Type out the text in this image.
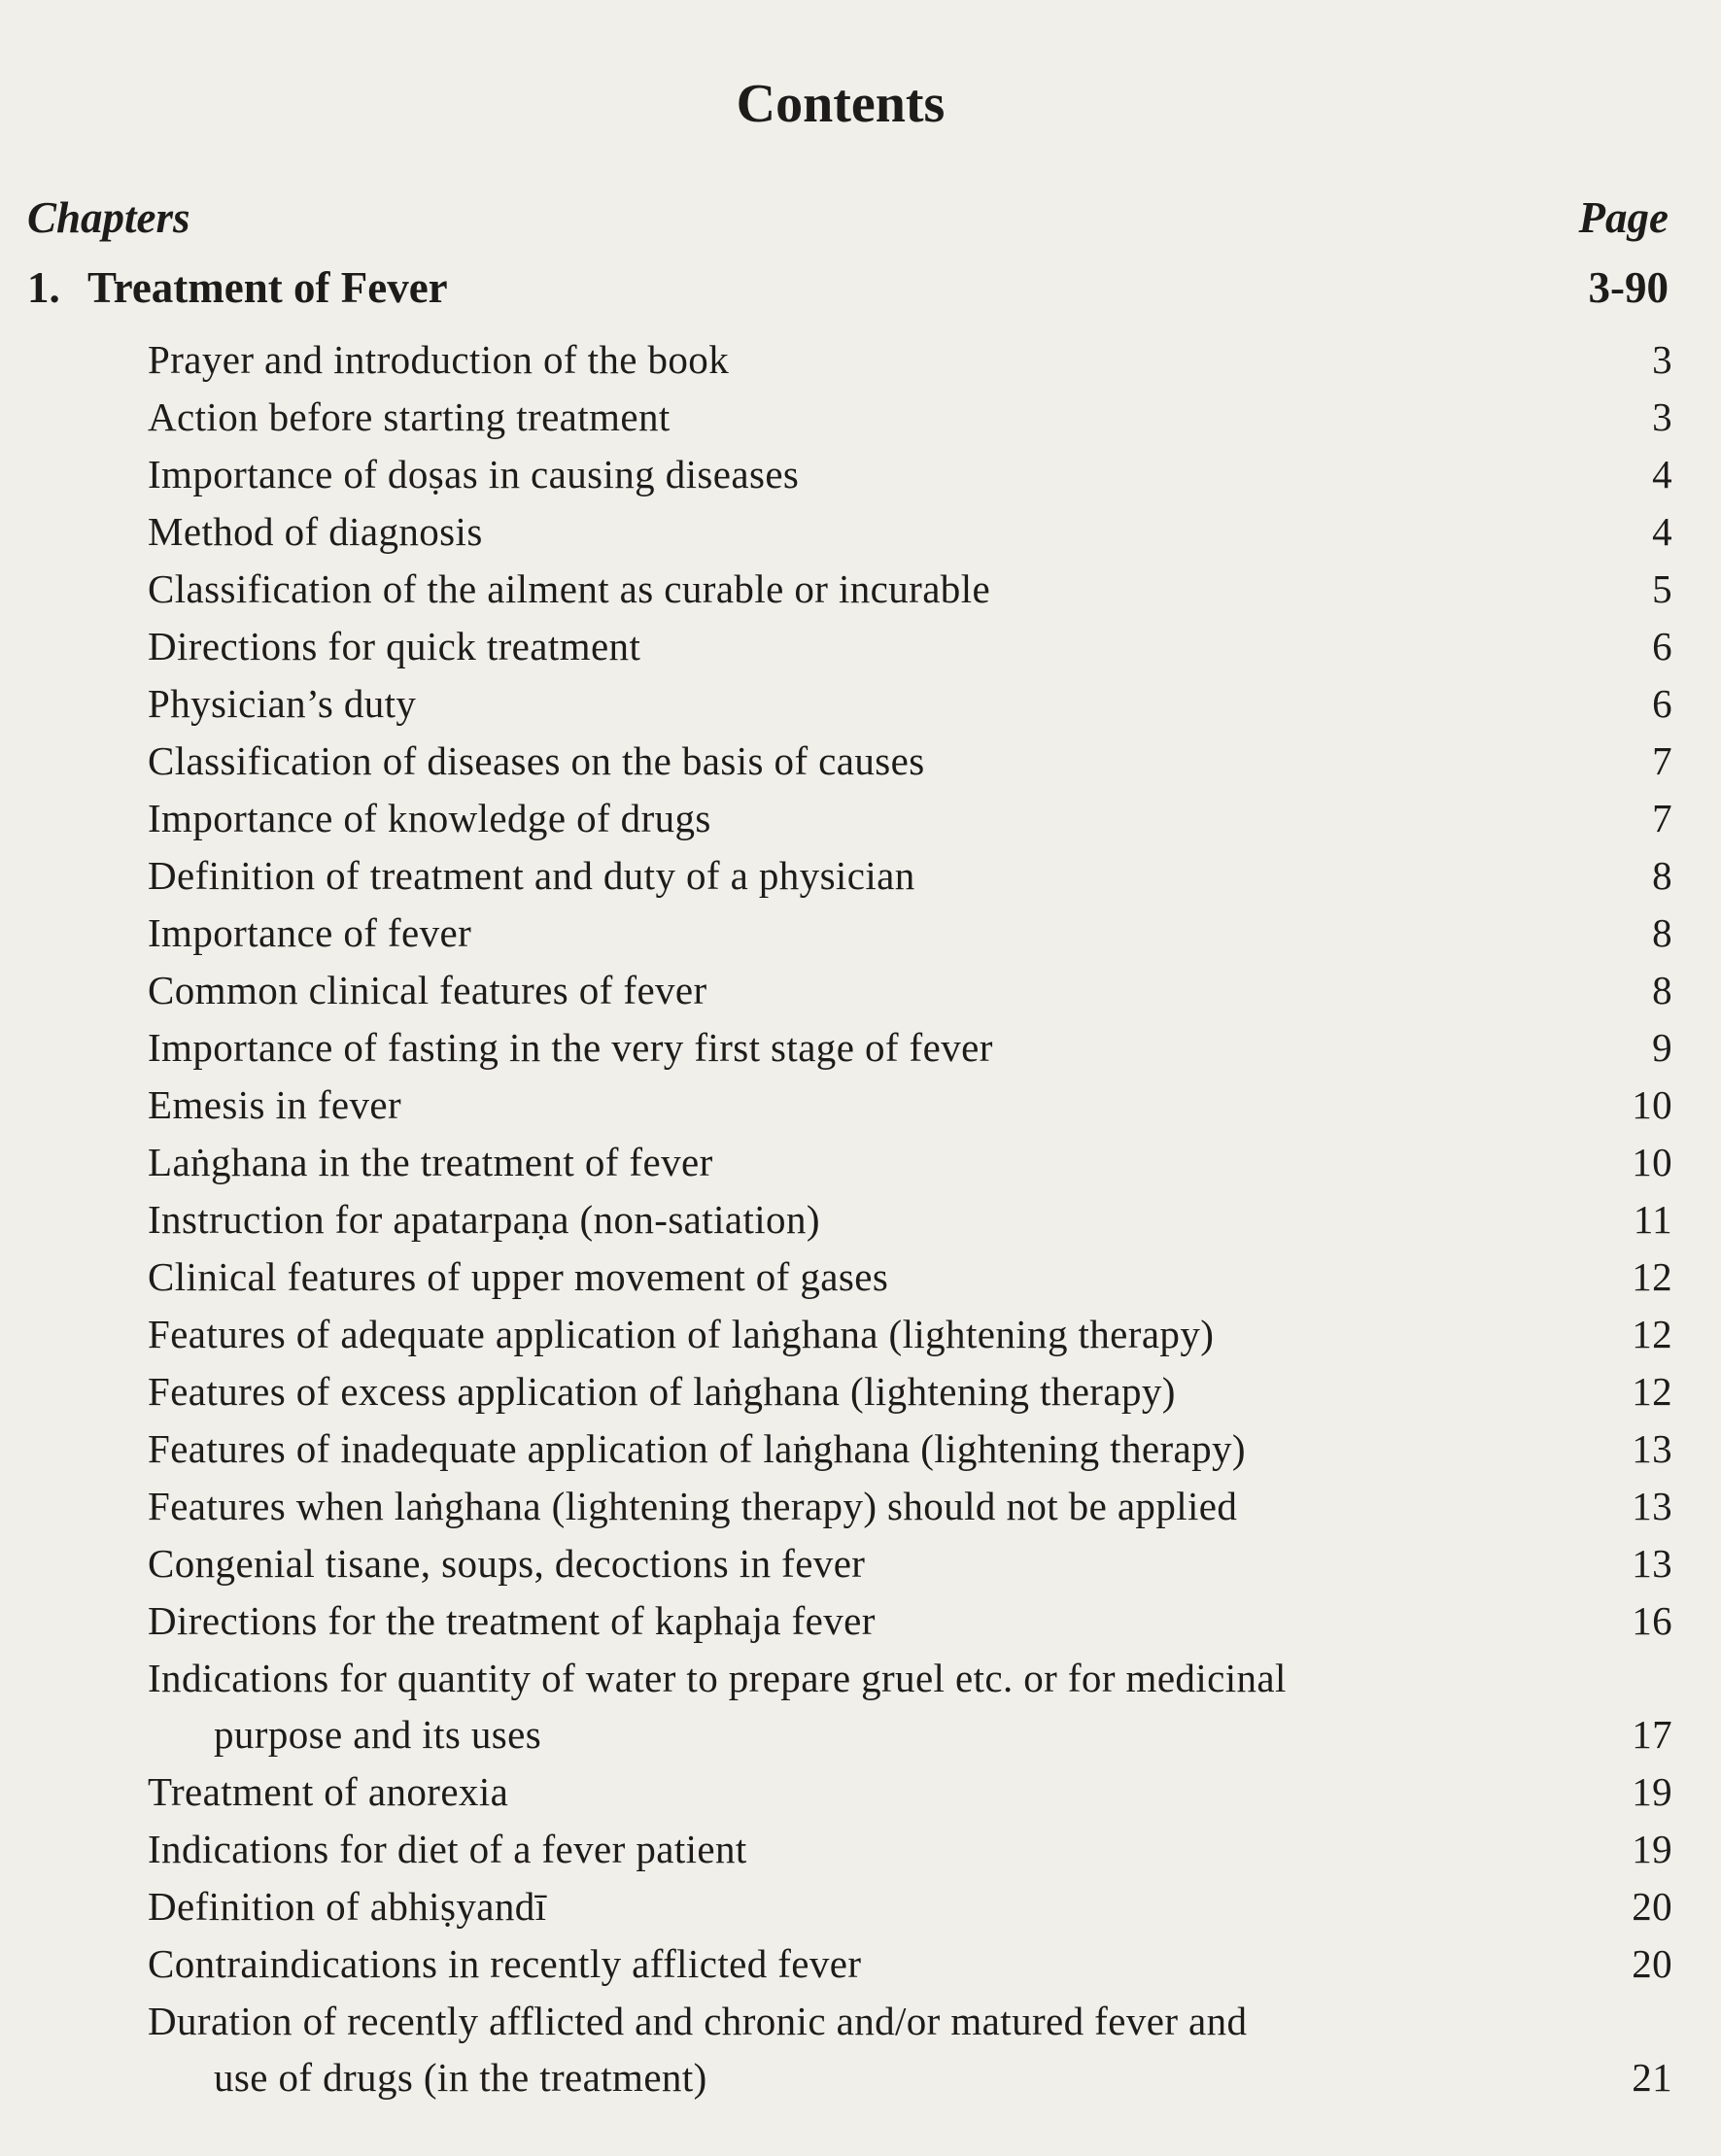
Contents
Chapters	Page
1. Treatment of Fever	3-90
Prayer and introduction of the book	3
Action before starting treatment	3
Importance of doṣas in causing diseases	4
Method of diagnosis	4
Classification of the ailment as curable or incurable	5
Directions for quick treatment	6
Physician’s duty	6
Classification of diseases on the basis of causes	7
Importance of knowledge of drugs	7
Definition of treatment and duty of a physician	8
Importance of fever	8
Common clinical features of fever	8
Importance of fasting in the very first stage of fever	9
Emesis in fever	10
Laṅghana in the treatment of fever	10
Instruction for apatarpaṇa (non-satiation)	11
Clinical features of upper movement of gases	12
Features of adequate application of laṅghana (lightening therapy)	12
Features of excess application of laṅghana (lightening therapy)	12
Features of inadequate application of laṅghana (lightening therapy)	13
Features when laṅghana (lightening therapy) should not be applied	13
Congenial tisane, soups, decoctions in fever	13
Directions for the treatment of kaphaja fever	16
Indications for quantity of water to prepare gruel etc. or for medicinal
purpose and its uses	17
Treatment of anorexia	19
Indications for diet of a fever patient	19
Definition of abhiṣyandī	20
Contraindications in recently afflicted fever	20
Duration of recently afflicted and chronic and/or matured fever and
use of drugs (in the treatment)	21
